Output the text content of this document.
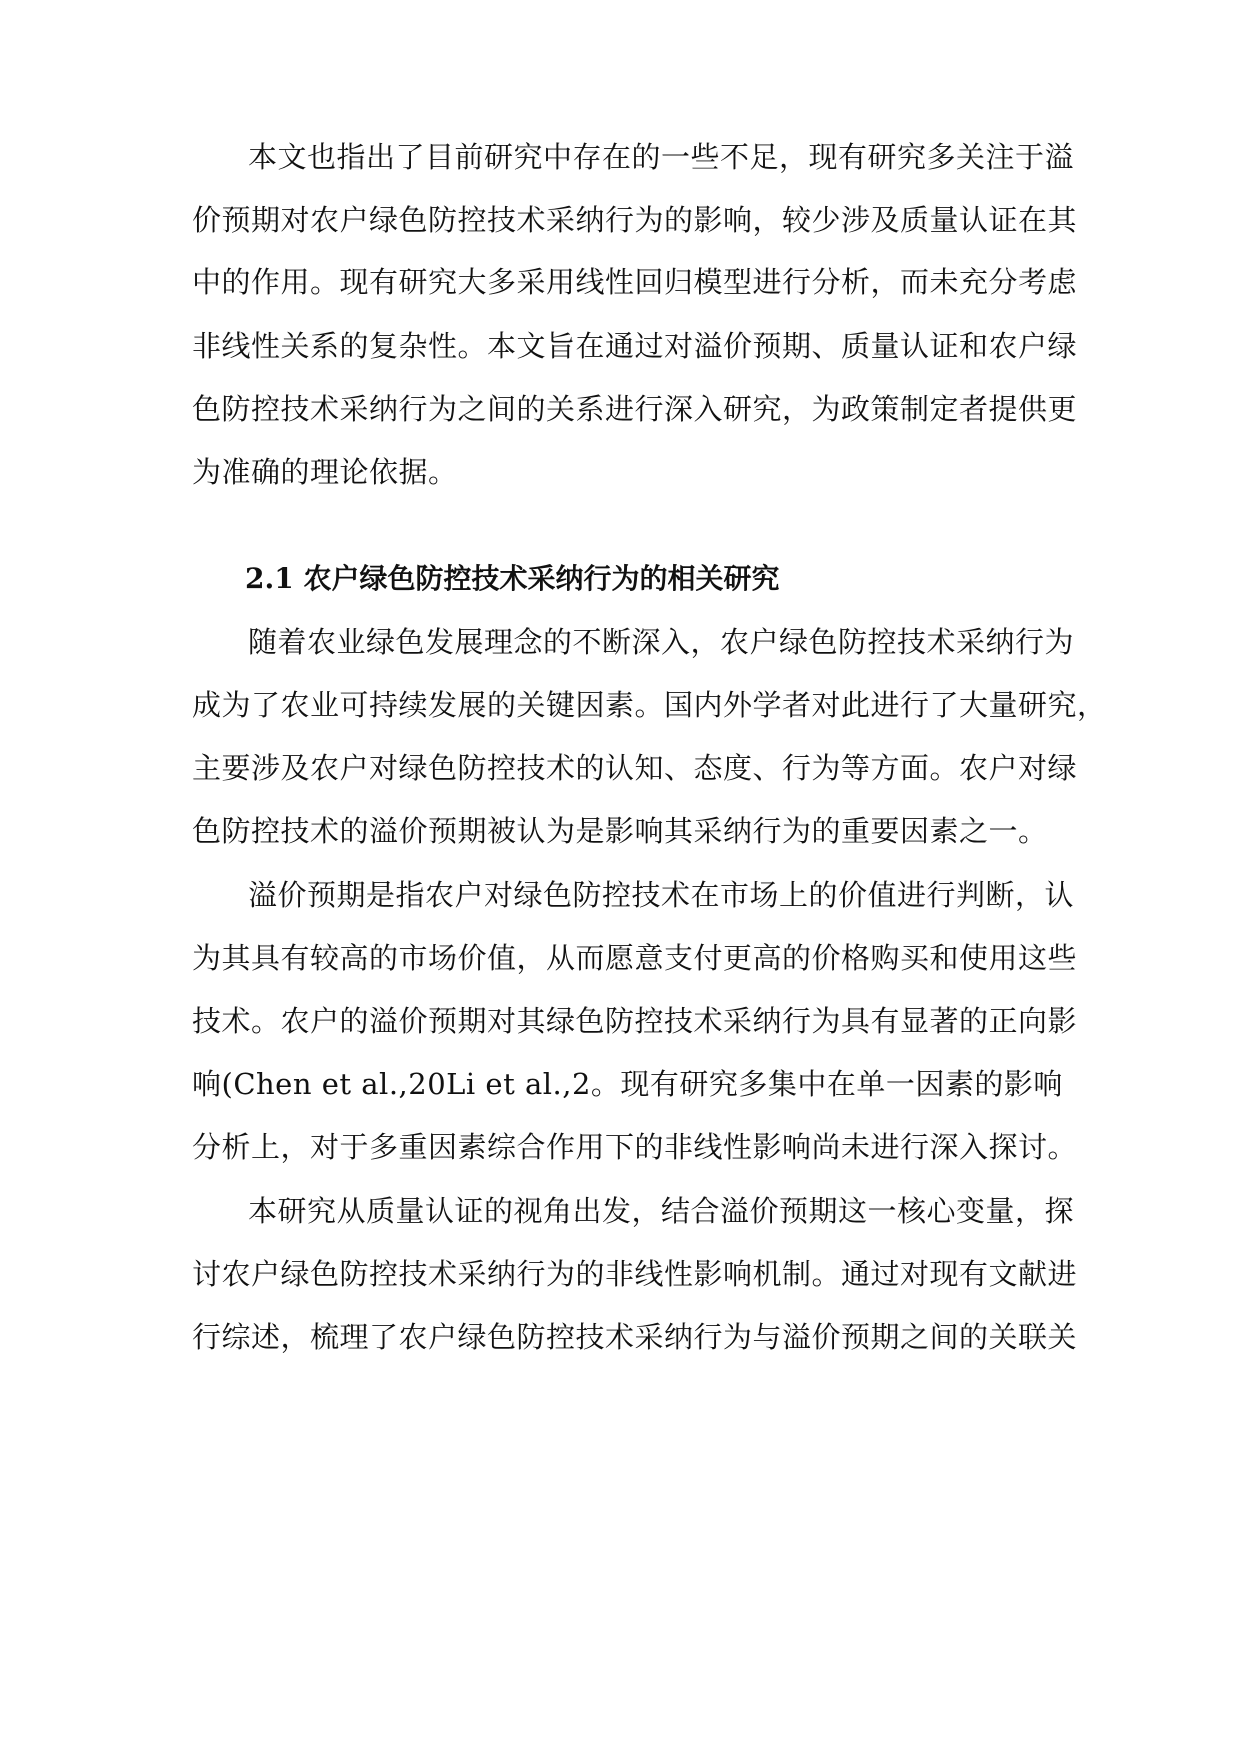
本文也指出了目前研究中存在的一些不足，现有研究多关注于溢
价预期对农户绿色防控技术采纳行为的影响，较少涉及质量认证在其
中的作用。现有研究大多采用线性回归模型进行分析，而未充分考虑
非线性关系的复杂性。本文旨在通过对溢价预期、质量认证和农户绿
色防控技术采纳行为之间的关系进行深入研究，为政策制定者提供更
为准确的理论依据。
2.1 农户绿色防控技术采纳行为的相关研究
随着农业绿色发展理念的不断深入，农户绿色防控技术采纳行为
成为了农业可持续发展的关键因素。国内外学者对此进行了大量研究，
主要涉及农户对绿色防控技术的认知、态度、行为等方面。农户对绿
色防控技术的溢价预期被认为是影响其采纳行为的重要因素之一。
溢价预期是指农户对绿色防控技术在市场上的价值进行判断，认
为其具有较高的市场价值，从而愿意支付更高的价格购买和使用这些
技术。农户的溢价预期对其绿色防控技术采纳行为具有显著的正向影
响(Chen et al.,20Li et al.,2。现有研究多集中在单一因素的影响
分析上，对于多重因素综合作用下的非线性影响尚未进行深入探讨。
本研究从质量认证的视角出发，结合溢价预期这一核心变量，探
讨农户绿色防控技术采纳行为的非线性影响机制。通过对现有文献进
行综述，梳理了农户绿色防控技术采纳行为与溢价预期之间的关联关
